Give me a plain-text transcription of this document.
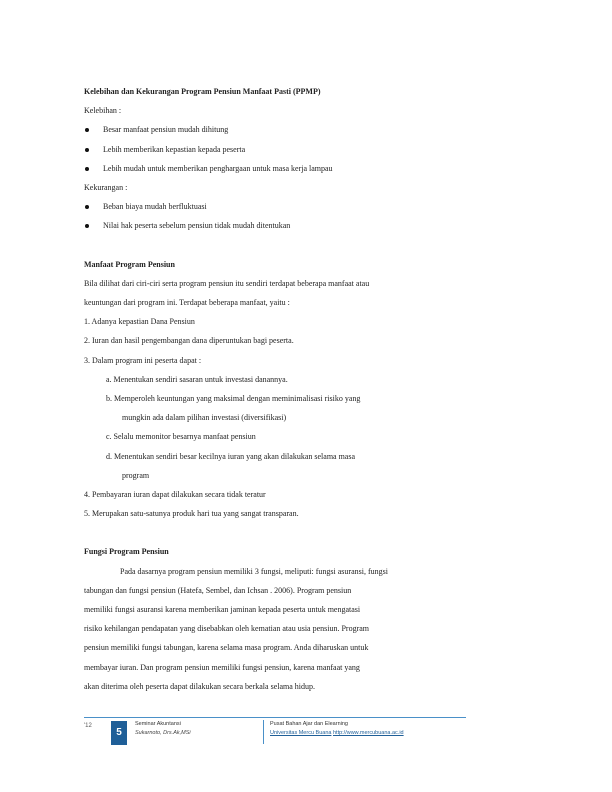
Kelebihan dan Kekurangan Program Pensiun Manfaat Pasti (PPMP)

Kelebihan :

Besar manfaat pensiun mudah dihitung

Lebih memberikan kepastian kepada peserta

Lebih mudah untuk memberikan penghargaan untuk masa kerja lampau

Kekurangan :

Beban biaya mudah berfluktuasi

Nilai hak peserta sebelum pensiun tidak mudah ditentukan

Manfaat Program Pensiun

Bila dilihat dari ciri-ciri serta program pensiun itu sendiri terdapat beberapa manfaat atau

keuntungan dari program ini. Terdapat beberapa manfaat, yaitu :

1. Adanya kepastian Dana Pensiun

2. Iuran dan hasil pengembangan dana diperuntukan bagi peserta.

3. Dalam program ini peserta dapat :

a. Menentukan sendiri sasaran untuk investasi danannya.

b. Memperoleh keuntungan yang maksimal dengan meminimalisasi risiko yang

mungkin ada dalam pilihan investasi (diversifikasi)

c. Selalu memonitor besarnya manfaat pensiun

d. Menentukan sendiri besar kecilnya iuran yang akan dilakukan selama masa

program

4. Pembayaran iuran dapat dilakukan secara tidak teratur

5. Merupakan satu-satunya produk hari tua yang sangat transparan.

Fungsi Program Pensiun

Pada dasarnya program pensiun memiliki 3 fungsi, meliputi: fungsi asuransi, fungsi

tabungan dan fungsi pensiun (Hatefa, Sembel, dan Ichsan . 2006). Program pensiun

memiliki fungsi asuransi karena memberikan jaminan kepada peserta untuk mengatasi

risiko kehilangan pendapatan yang disebabkan oleh kematian atau usia pensiun. Program

pensiun memiliki fungsi tabungan, karena selama masa program. Anda diharuskan untuk

membayar iuran. Dan program pensiun memiliki fungsi pensiun, karena manfaat yang

akan diterima oleh peserta dapat dilakukan secara berkala selama hidup.

'12
5
Seminar Akuntansi
Sukarnoto, Drs.Ak,MSi
Pusat Bahan Ajar dan Elearning
Universitas Mercu Buana http://www.mercubuana.ac.id
